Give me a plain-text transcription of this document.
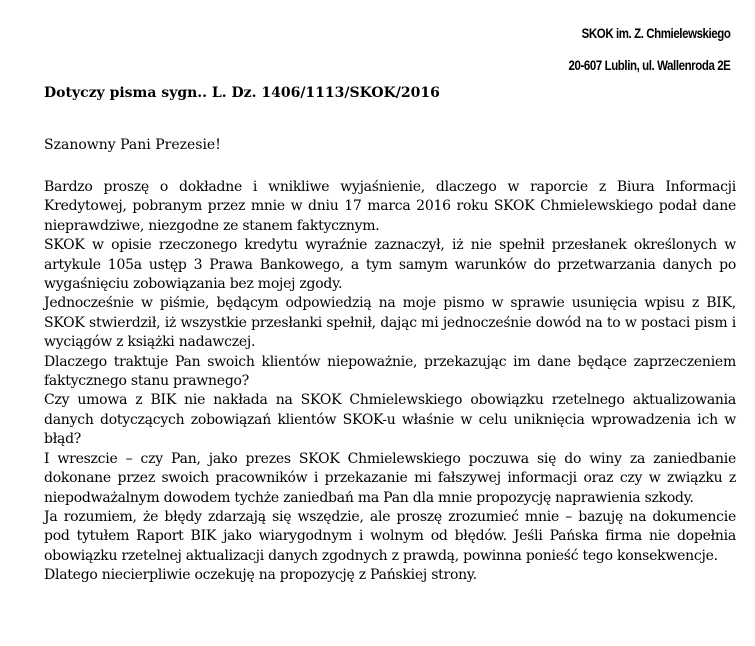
SKOK im. Z. Chmielewskiego
20-607 Lublin, ul. Wallenroda 2E
Dotyczy pisma sygn.. L. Dz. 1406/1113/SKOK/2016
Szanowny Pani Prezesie!

Bardzo proszę o dokładne i wnikliwe wyjaśnienie, dlaczego w raporcie z Biura Informacji Kredytowej, pobranym przez mnie w dniu 17 marca 2016 roku SKOK Chmielewskiego podał dane nieprawdziwe, niezgodne ze stanem faktycznym.

SKOK w opisie rzeczonego kredytu wyraźnie zaznaczył, iż nie spełnił przesłanek określonych w artykule 105a ustęp 3 Prawa Bankowego, a tym samym warunków do przetwarzania danych po wygaśnięciu zobowiązania bez mojej zgody.

Jednocześnie w piśmie, będącym odpowiedzią na moje pismo w sprawie usunięcia wpisu z BIK, SKOK stwierdził, iż wszystkie przesłanki spełnił, dając mi jednocześnie dowód na to w postaci pism i wyciągów z książki nadawczej.

Dlaczego traktuje Pan swoich klientów niepoważnie, przekazując im dane będące zaprzeczeniem faktycznego stanu prawnego?

Czy umowa z BIK nie nakłada na SKOK Chmielewskiego obowiązku rzetelnego aktualizowania danych dotyczących zobowiązań klientów SKOK-u właśnie w celu uniknięcia wprowadzenia ich w błąd?

I wreszcie – czy Pan, jako prezes SKOK Chmielewskiego poczuwa się do winy za zaniedbanie dokonane przez swoich pracowników i przekazanie mi fałszywej informacji oraz czy w związku z niepodważalnym dowodem tychże zaniedbań ma Pan dla mnie propozycję naprawienia szkody.

Ja rozumiem, że błędy zdarzają się wszędzie, ale proszę zrozumieć mnie – bazuję na dokumencie pod tytułem Raport BIK jako wiarygodnym i wolnym od błędów. Jeśli Pańska firma nie dopełnia obowiązku rzetelnej aktualizacji danych zgodnych z prawdą, powinna ponieść tego konsekwencje.

Dlatego niecierpliwie oczekuję na propozycję z Pańskiej strony.
